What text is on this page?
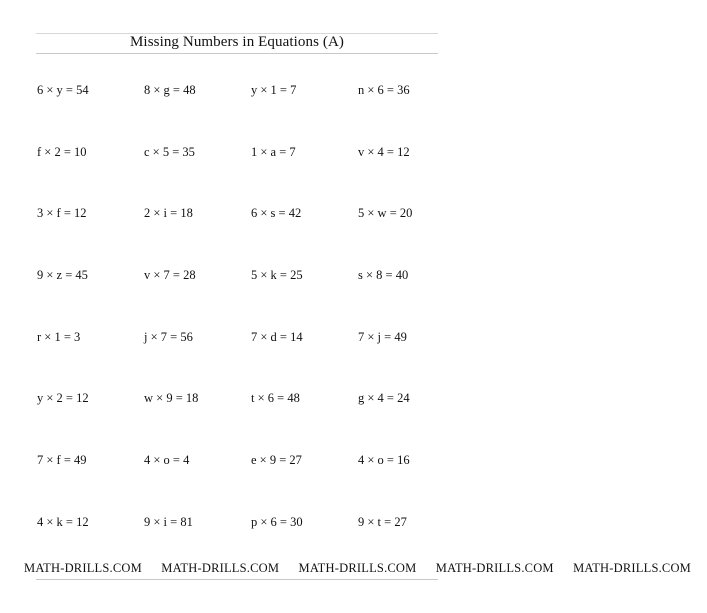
Missing Numbers in Equations (A)
6 × y = 54	8 × g = 48	y × 1 = 7	n × 6 = 36
f × 2 = 10	c × 5 = 35	1 × a = 7	v × 4 = 12
3 × f = 12	2 × i = 18	6 × s = 42	5 × w = 20
9 × z = 45	v × 7 = 28	5 × k = 25	s × 8 = 40
r × 1 = 3	j × 7 = 56	7 × d = 14	7 × j = 49
y × 2 = 12	w × 9 = 18	t × 6 = 48	g × 4 = 24
7 × f = 49	4 × o = 4	e × 9 = 27	4 × o = 16
4 × k = 12	9 × i = 81	p × 6 = 30	9 × t = 27
MATH-DRILLS.COM MATH-DRILLS.COM MATH-DRILLS.COM MATH-DRILLS.COM MATH-DRILLS.COM
